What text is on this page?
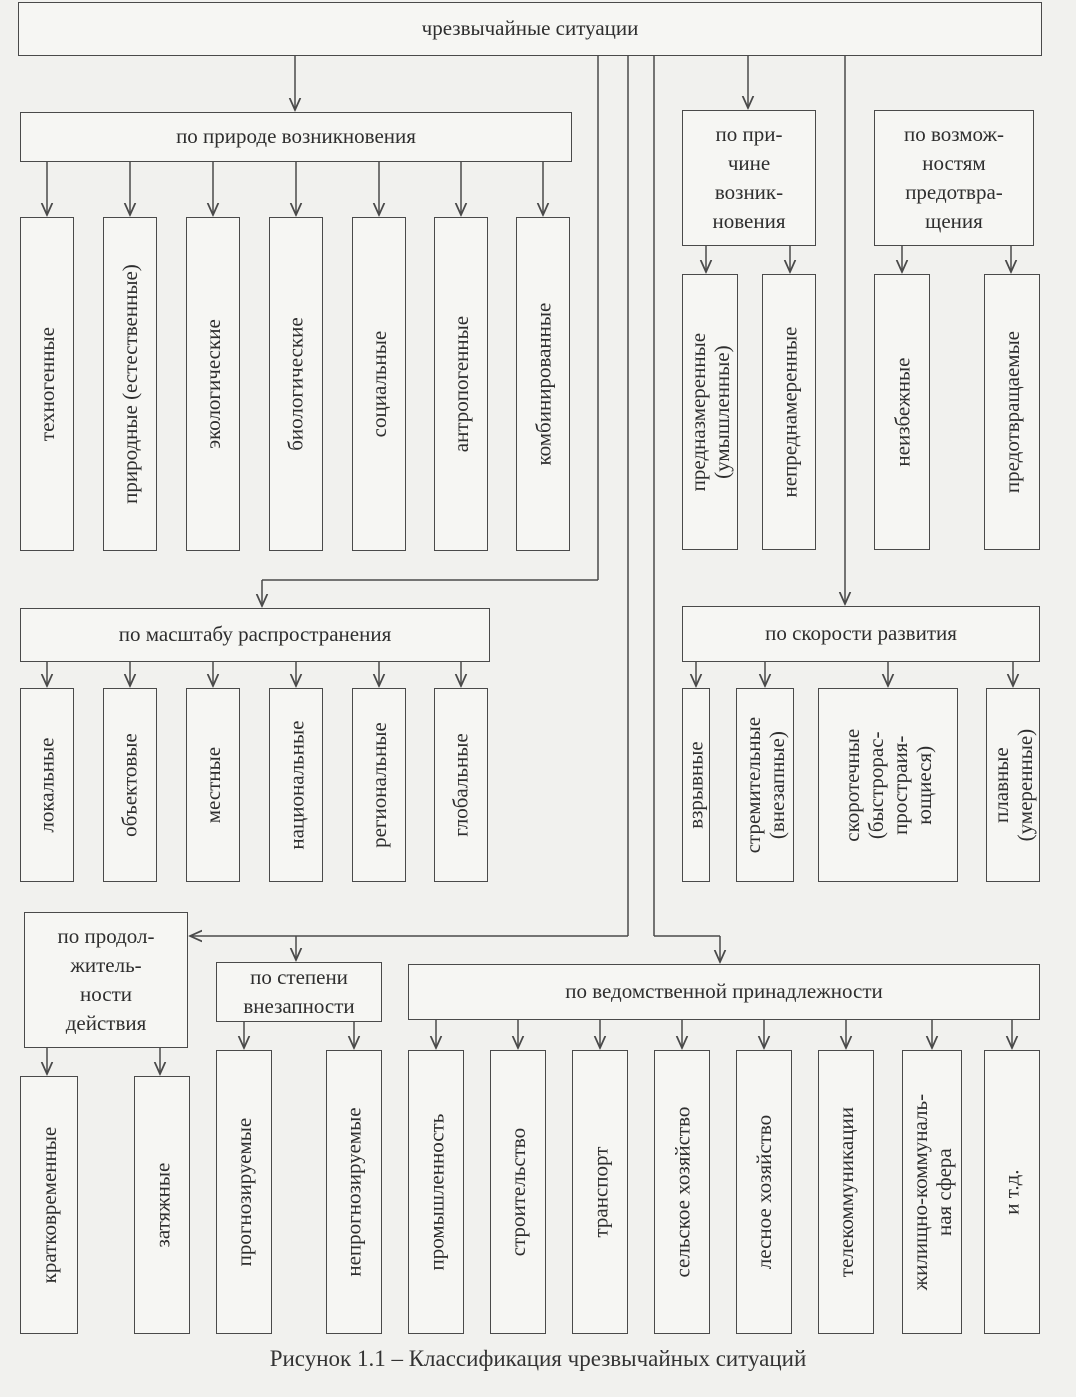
чрезвычайные ситуации
по природе возникновения
техногенные	природные (естественные)	экологические	биологические	социальные	антропогенные	комбинированные
по при-
чине
возник-
новения
предназмеренные
(умышленные) непреднамеренные
по возмож-
ностям
предотвра-
щения
неизбежные	предотвращаемые
по масштабу распространения
локальные	объектовые	местные	национальные	региональные	глобальные
по скорости развития
взрывные стремительные
(внезапные) скоротечные
(быстрорас-
простраия-
ющиеся)	плавные
(умеренные)
по продол-
житель-
ности
действия
кратковременные	затяжные
по степени
внезапности
прогнозируемые	непрогнозируемые
по ведомственной принадлежности
промышленность	строительство	транспорт	сельское хозяйство	лесное хозяйство	телекоммуникации жилищно-коммуналь-
ная сфера и т.д.
Рисунок 1.1 – Классификация чрезвычайных ситуаций
